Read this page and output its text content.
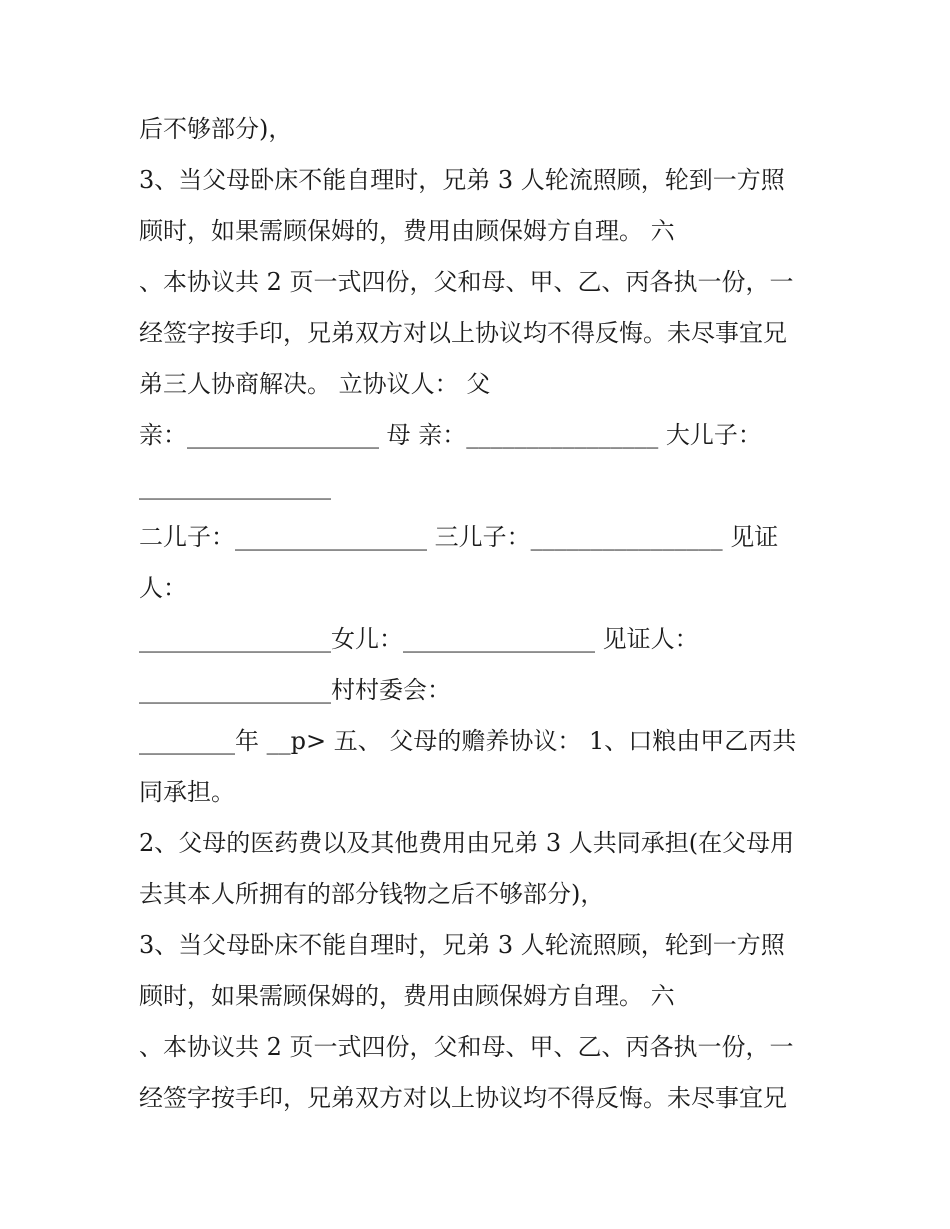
后不够部分)，
3、当父母卧床不能自理时，兄弟 3 人轮流照顾，轮到一方照
顾时，如果需顾保姆的，费用由顾保姆方自理。 六
、本协议共 2 页一式四份，父和母、甲、乙、丙各执一份，一
经签字按手印，兄弟双方对以上协议均不得反悔。未尽事宜兄
弟三人协商解决。 立协议人： 父
亲：________________ 母 亲：________________ 大儿子：
________________
二儿子：________________ 三儿子：________________ 见证
人：
________________女儿：________________ 见证人：
________________村村委会：
________年 __p> 五、 父母的赡养协议： 1、口粮由甲乙丙共
同承担。
2、父母的医药费以及其他费用由兄弟 3 人共同承担(在父母用
去其本人所拥有的部分钱物之后不够部分)，
3、当父母卧床不能自理时，兄弟 3 人轮流照顾，轮到一方照
顾时，如果需顾保姆的，费用由顾保姆方自理。 六
、本协议共 2 页一式四份，父和母、甲、乙、丙各执一份，一
经签字按手印，兄弟双方对以上协议均不得反悔。未尽事宜兄
